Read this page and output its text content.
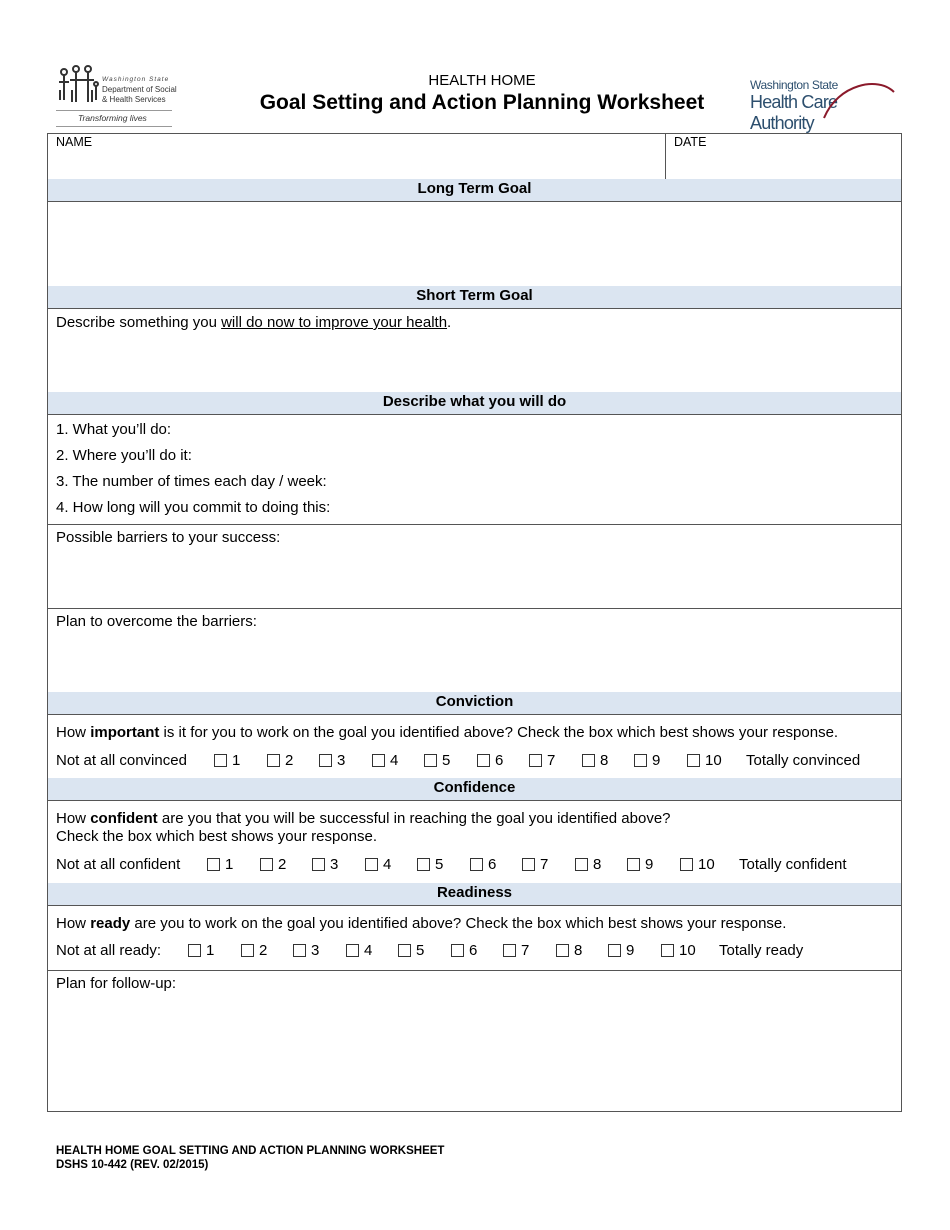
Washington State
Department of Social & Health Services
Transforming lives
HEALTH HOME
Goal Setting and Action Planning Worksheet
Washington State
Health Care Authority
NAME	DATE
Long Term Goal
Short Term Goal
Describe something you will do now to improve your health.
Describe what you will do
1. What you’ll do:
2. Where you’ll do it:
3. The number of times each day / week:
4. How long will you commit to doing this:
Possible barriers to your success:
Plan to overcome the barriers:
Conviction
How important is it for you to work on the goal you identified above? Check the box which best shows your response.
Not at all convinced	1	2	3	4	5	6	7	8	9	10 Totally convinced
Confidence
How confident are you that you will be successful in reaching the goal you identified above?
Check the box which best shows your response.
Not at all confident	1	2	3	4	5	6	7	8	9	10 Totally confident
Readiness
How ready are you to work on the goal you identified above? Check the box which best shows your response.
Not at all ready:	1	2	3	4	5	6	7	8	9	10 Totally ready
Plan for follow-up:
HEALTH HOME GOAL SETTING AND ACTION PLANNING WORKSHEET
DSHS 10-442 (REV. 02/2015)
